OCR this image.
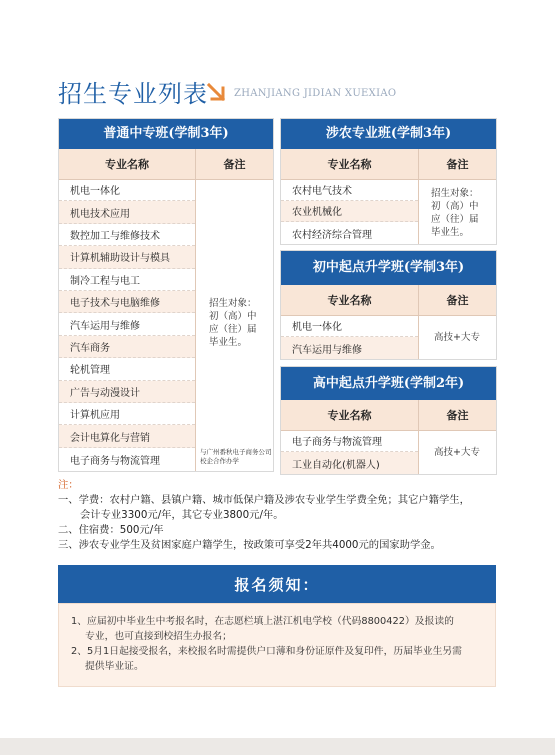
招生专业列表	ZHANJIANG JIDIAN XUEXIAO
普通中专班(学制3年)
专业名称	备注
机电一体化
机电技术应用
数控加工与维修技术
计算机辅助设计与模具
制冷工程与电工
电子技术与电脑维修
汽车运用与维修
汽车商务
轮机管理
广告与动漫设计
计算机应用
会计电算化与营销
电子商务与物流管理
招生对象：初（高）中应（往）届毕业生。
与广州番秋电子商务公司校企合作办学
涉农专业班(学制3年)
专业名称	备注
农村电气技术
农业机械化
农村经济综合管理
招生对象：初（高）中应（往）届毕业生。
初中起点升学班(学制3年)
专业名称	备注
机电一体化
汽车运用与维修
高技+大专
高中起点升学班(学制2年)
专业名称	备注
电子商务与物流管理
工业自动化(机器人)
高技+大专

注：

一、学费：农村户籍、县镇户籍、城市低保户籍及涉农专业学生学费全免；其它户籍学生，

会计专业3300元/年，其它专业3800元/年。

二、住宿费：500元/年

三、涉农专业学生及贫困家庭户籍学生，按政策可享受2年共4000元的国家助学金。

报名须知：

1、应届初中毕业生中考报名时，在志愿栏填上湛江机电学校（代码8800422）及报读的

专业，也可直接到校招生办报名；

2、5月1日起接受报名，来校报名时需提供户口薄和身份证原件及复印件，历届毕业生另需

提供毕业证。
